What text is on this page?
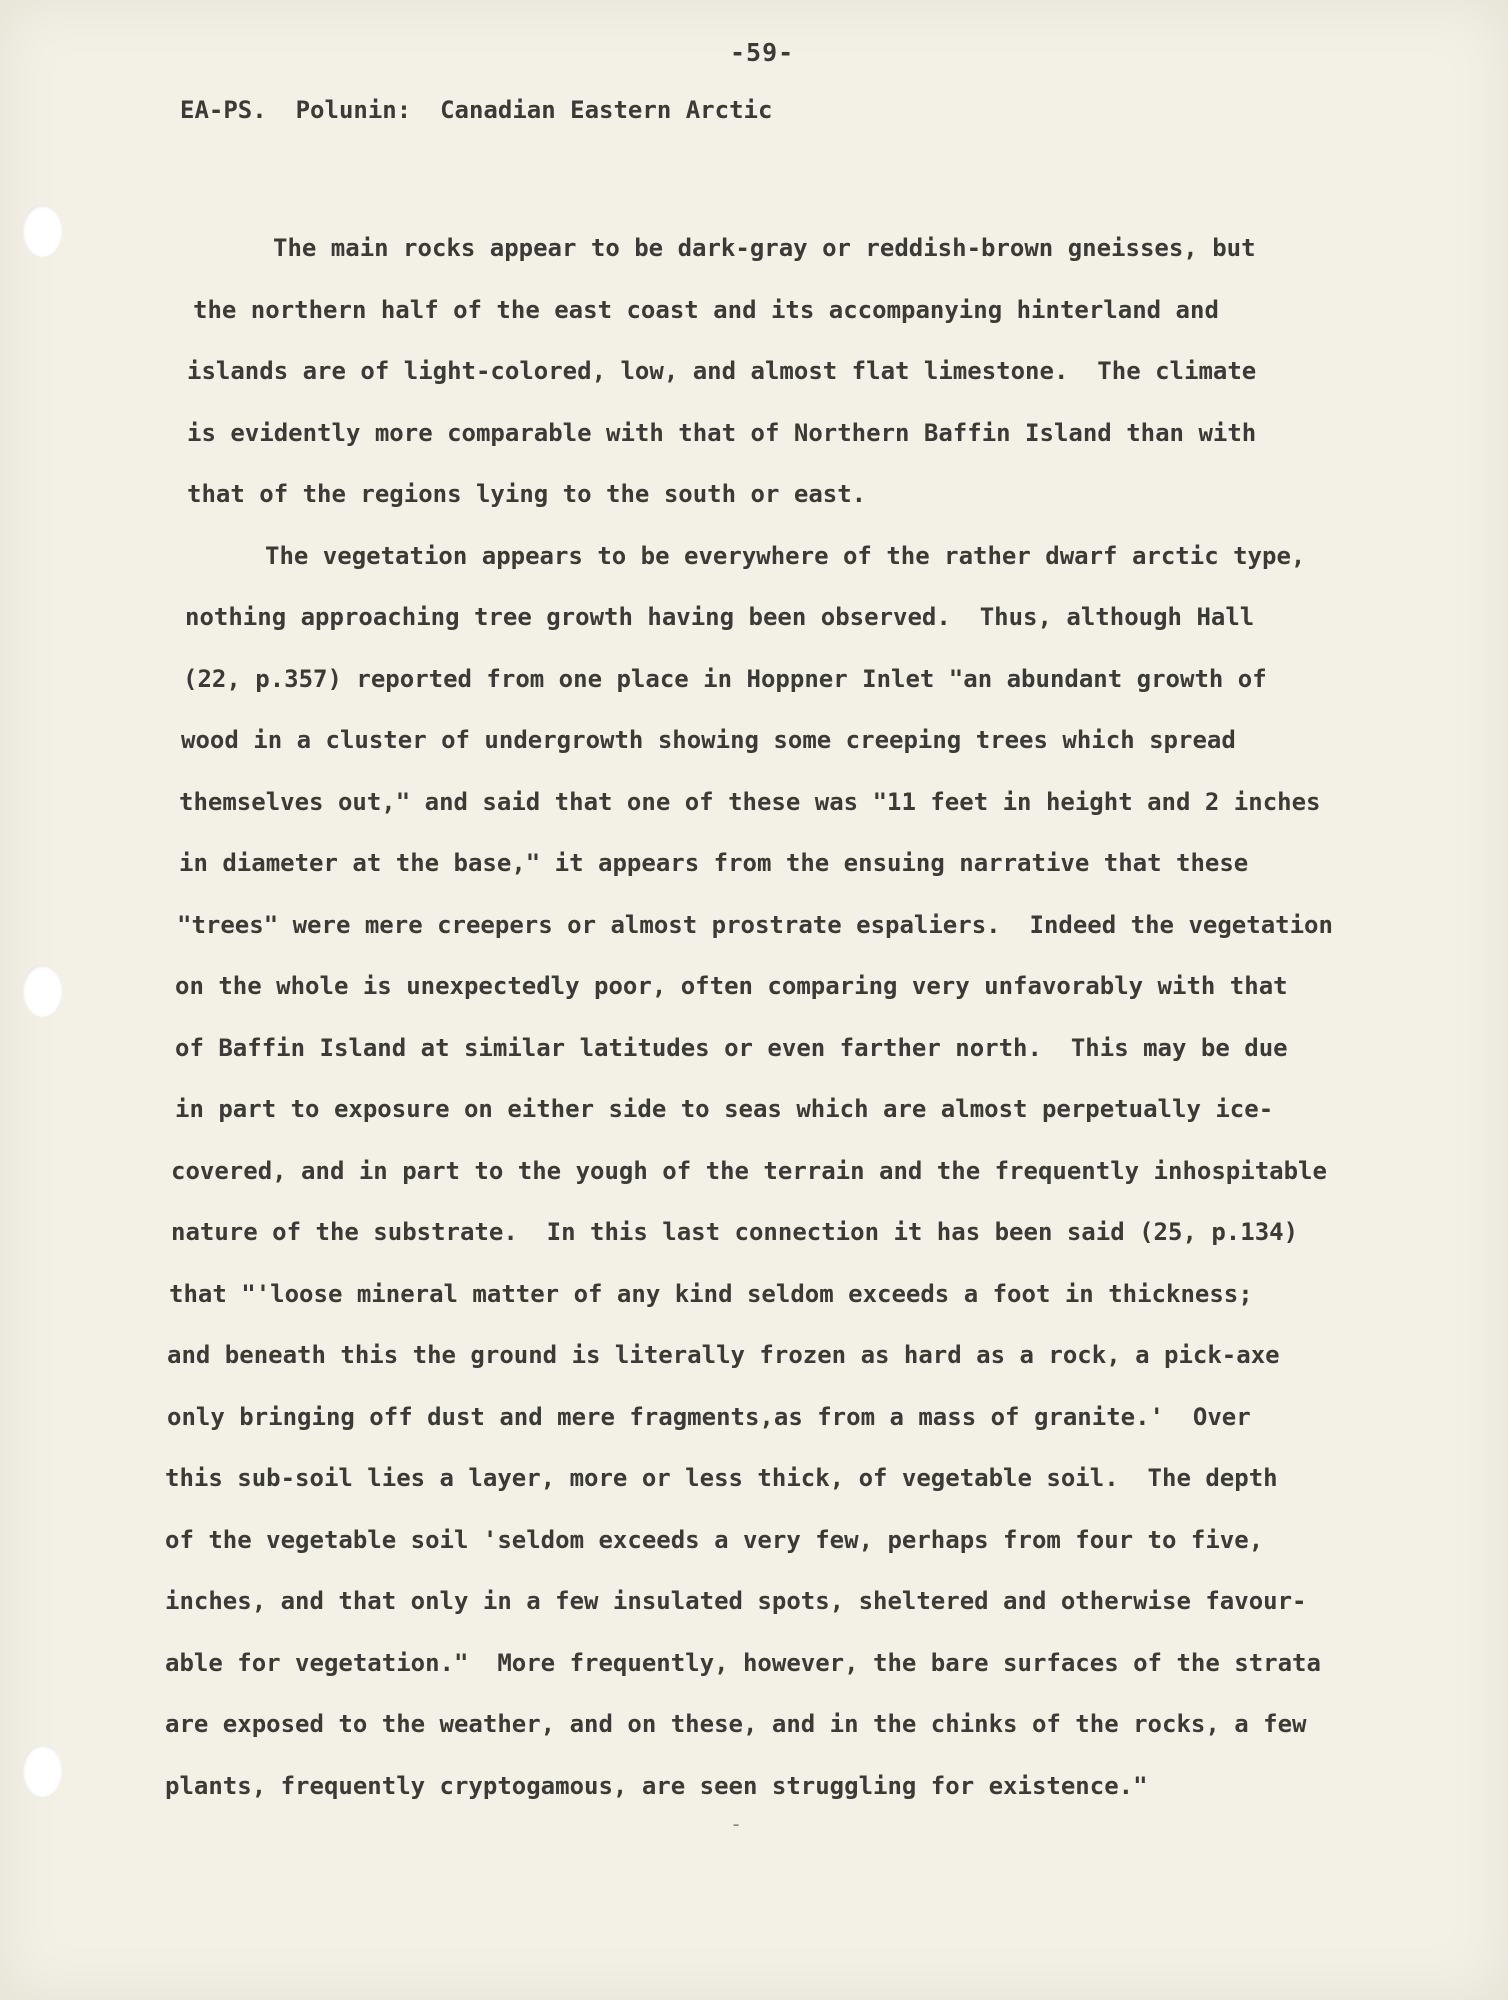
-59-
EA-PS.  Polunin:  Canadian Eastern Arctic
The main rocks appear to be dark-gray or reddish-brown gneisses, but
the northern half of the east coast and its accompanying hinterland and
islands are of light-colored, low, and almost flat limestone.  The climate
is evidently more comparable with that of Northern Baffin Island than with
that of the regions lying to the south or east.
The vegetation appears to be everywhere of the rather dwarf arctic type,
nothing approaching tree growth having been observed.  Thus, although Hall
(22, p.357) reported from one place in Hoppner Inlet "an abundant growth of
wood in a cluster of undergrowth showing some creeping trees which spread
themselves out," and said that one of these was "11 feet in height and 2 inches
in diameter at the base," it appears from the ensuing narrative that these
"trees" were mere creepers or almost prostrate espaliers.  Indeed the vegetation
on the whole is unexpectedly poor, often comparing very unfavorably with that
of Baffin Island at similar latitudes or even farther north.  This may be due
in part to exposure on either side to seas which are almost perpetually ice-
covered, and in part to the yough of the terrain and the frequently inhospitable
nature of the substrate.  In this last connection it has been said (25, p.134)
that "'loose mineral matter of any kind seldom exceeds a foot in thickness;
and beneath this the ground is literally frozen as hard as a rock, a pick-axe
only bringing off dust and mere fragments,as from a mass of granite.'  Over
this sub-soil lies a layer, more or less thick, of vegetable soil.  The depth
of the vegetable soil 'seldom exceeds a very few, perhaps from four to five,
inches, and that only in a few insulated spots, sheltered and otherwise favour-
able for vegetation."  More frequently, however, the bare surfaces of the strata
are exposed to the weather, and on these, and in the chinks of the rocks, a few
plants, frequently cryptogamous, are seen struggling for existence."
-
